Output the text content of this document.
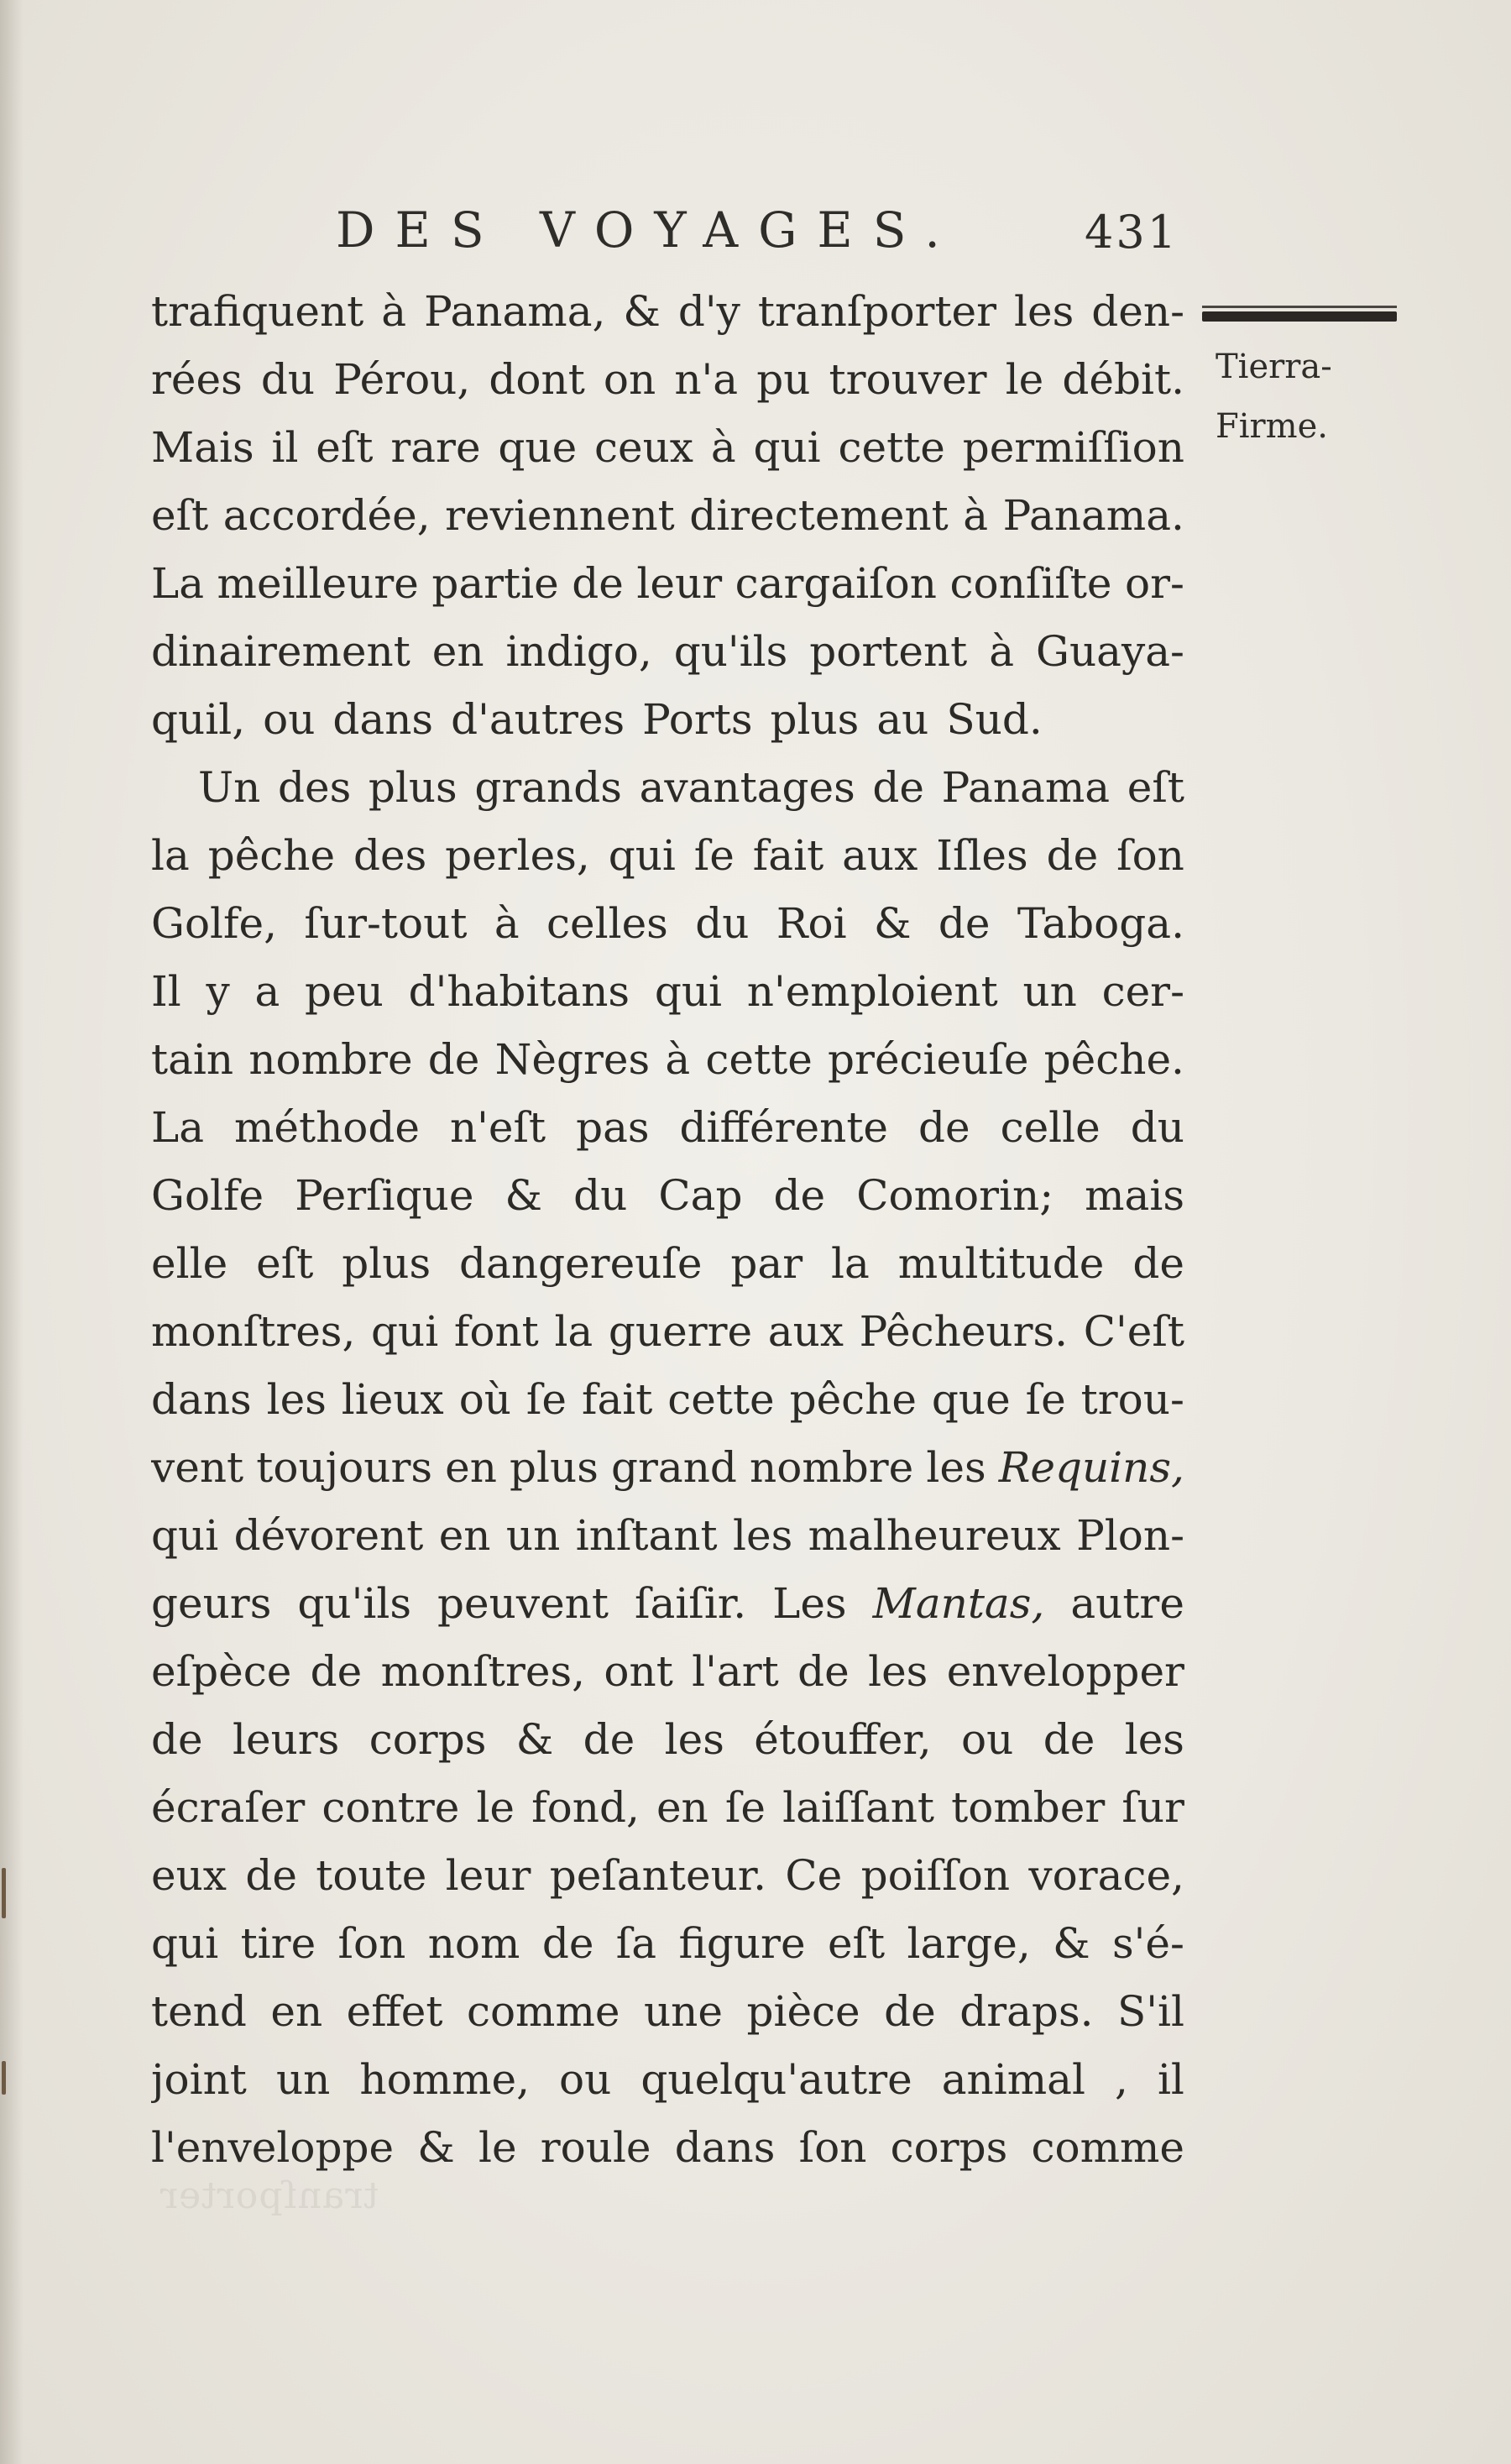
tranſporter
DES VOYAGES.	431
Tierra-
Firme.
trafiquent à Panama, & d'y tranſporter les den-
rées du Pérou, dont on n'a pu trouver le débit.
Mais il eſt rare que ceux à qui cette permiſſion
eſt accordée, reviennent directement à Panama.
La meilleure partie de leur cargaiſon conſiſte or-
dinairement en indigo, qu'ils portent à Guaya-
quil, ou dans d'autres Ports plus au Sud.
Un des plus grands avantages de Panama eſt
la pêche des perles, qui ſe fait aux Iſles de ſon
Golfe, ſur-tout à celles du Roi & de Taboga.
Il y a peu d'habitans qui n'emploient un cer-
tain nombre de Nègres à cette précieuſe pêche.
La méthode n'eſt pas différente de celle du
Golfe Perſique & du Cap de Comorin; mais
elle eſt plus dangereuſe par la multitude de
monſtres, qui font la guerre aux Pêcheurs. C'eſt
dans les lieux où ſe fait cette pêche que ſe trou-
vent toujours en plus grand nombre les Requins,
qui dévorent en un inſtant les malheureux Plon-
geurs qu'ils peuvent ſaiſir. Les Mantas, autre
eſpèce de monſtres, ont l'art de les envelopper
de leurs corps & de les étouffer, ou de les
écraſer contre le fond, en ſe laiſſant tomber ſur
eux de toute leur peſanteur. Ce poiſſon vorace,
qui tire ſon nom de ſa figure eſt large, & s'é-
tend en effet comme une pièce de draps. S'il
joint un homme, ou quelqu'autre animal , il
l'enveloppe & le roule dans ſon corps comme
